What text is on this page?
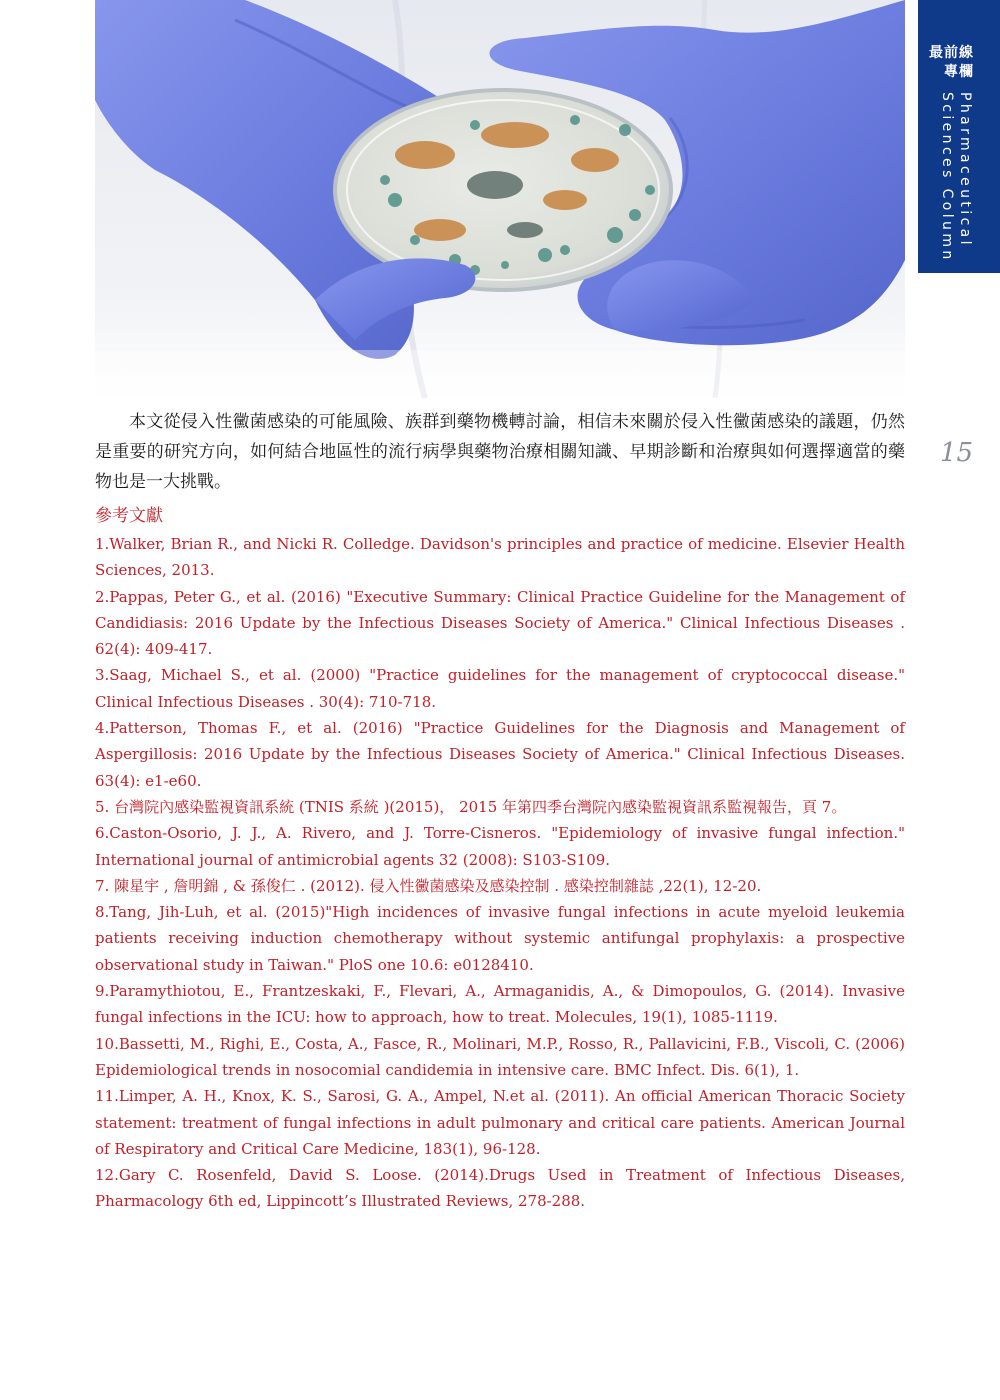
最前線
專欄
Pharmaceutical
Sciences Column
15

本文從侵入性黴菌感染的可能風險、族群到藥物機轉討論，相信未來關於侵入性黴菌感染的議題，仍然是重要的研究方向，如何結合地區性的流行病學與藥物治療相關知識、早期診斷和治療與如何選擇適當的藥物也是一大挑戰。

參考文獻

1.Walker, Brian R., and Nicki R. Colledge. Davidson's principles and practice of medicine. Elsevier Health Sciences, 2013.

2.Pappas, Peter G., et al. (2016) "Executive Summary: Clinical Practice Guideline for the Management of Candidiasis: 2016 Update by the Infectious Diseases Society of America." Clinical Infectious Diseases . 62(4): 409-417.

3.Saag, Michael S., et al. (2000) "Practice guidelines for the management of cryptococcal disease." Clinical Infectious Diseases . 30(4): 710-718.

4.Patterson, Thomas F., et al. (2016) "Practice Guidelines for the Diagnosis and Management of Aspergillosis: 2016 Update by the Infectious Diseases Society of America." Clinical Infectious Diseases. 63(4): e1-e60.

5. 台灣院內感染監視資訊系統 (TNIS 系統 )(2015)， 2015 年第四季台灣院內感染監視資訊系監視報告，頁 7。

6.Caston-Osorio, J. J., A. Rivero, and J. Torre-Cisneros. "Epidemiology of invasive fungal infection." International journal of antimicrobial agents 32 (2008): S103-S109.

7. 陳星宇 , 詹明錦 , & 孫俊仁 . (2012). 侵入性黴菌感染及感染控制 . 感染控制雜誌 ,22(1), 12-20.

8.Tang, Jih-Luh, et al. (2015)"High incidences of invasive fungal infections in acute myeloid leukemia patients receiving induction chemotherapy without systemic antifungal prophylaxis: a prospective observational study in Taiwan." PloS one 10.6: e0128410.

9.Paramythiotou, E., Frantzeskaki, F., Flevari, A., Armaganidis, A., & Dimopoulos, G. (2014). Invasive fungal infections in the ICU: how to approach, how to treat. Molecules, 19(1), 1085-1119.

10.Bassetti, M., Righi, E., Costa, A., Fasce, R., Molinari, M.P., Rosso, R., Pallavicini, F.B., Viscoli, C. (2006) Epidemiological trends in nosocomial candidemia in intensive care. BMC Infect. Dis. 6(1), 1.

11.Limper, A. H., Knox, K. S., Sarosi, G. A., Ampel, N.et al. (2011). An official American Thoracic Society statement: treatment of fungal infections in adult pulmonary and critical care patients. American Journal of Respiratory and Critical Care Medicine, 183(1), 96-128.

12.Gary C. Rosenfeld, David S. Loose. (2014).Drugs Used in Treatment of Infectious Diseases, Pharmacology 6th ed, Lippincott’s Illustrated Reviews, 278-288.
